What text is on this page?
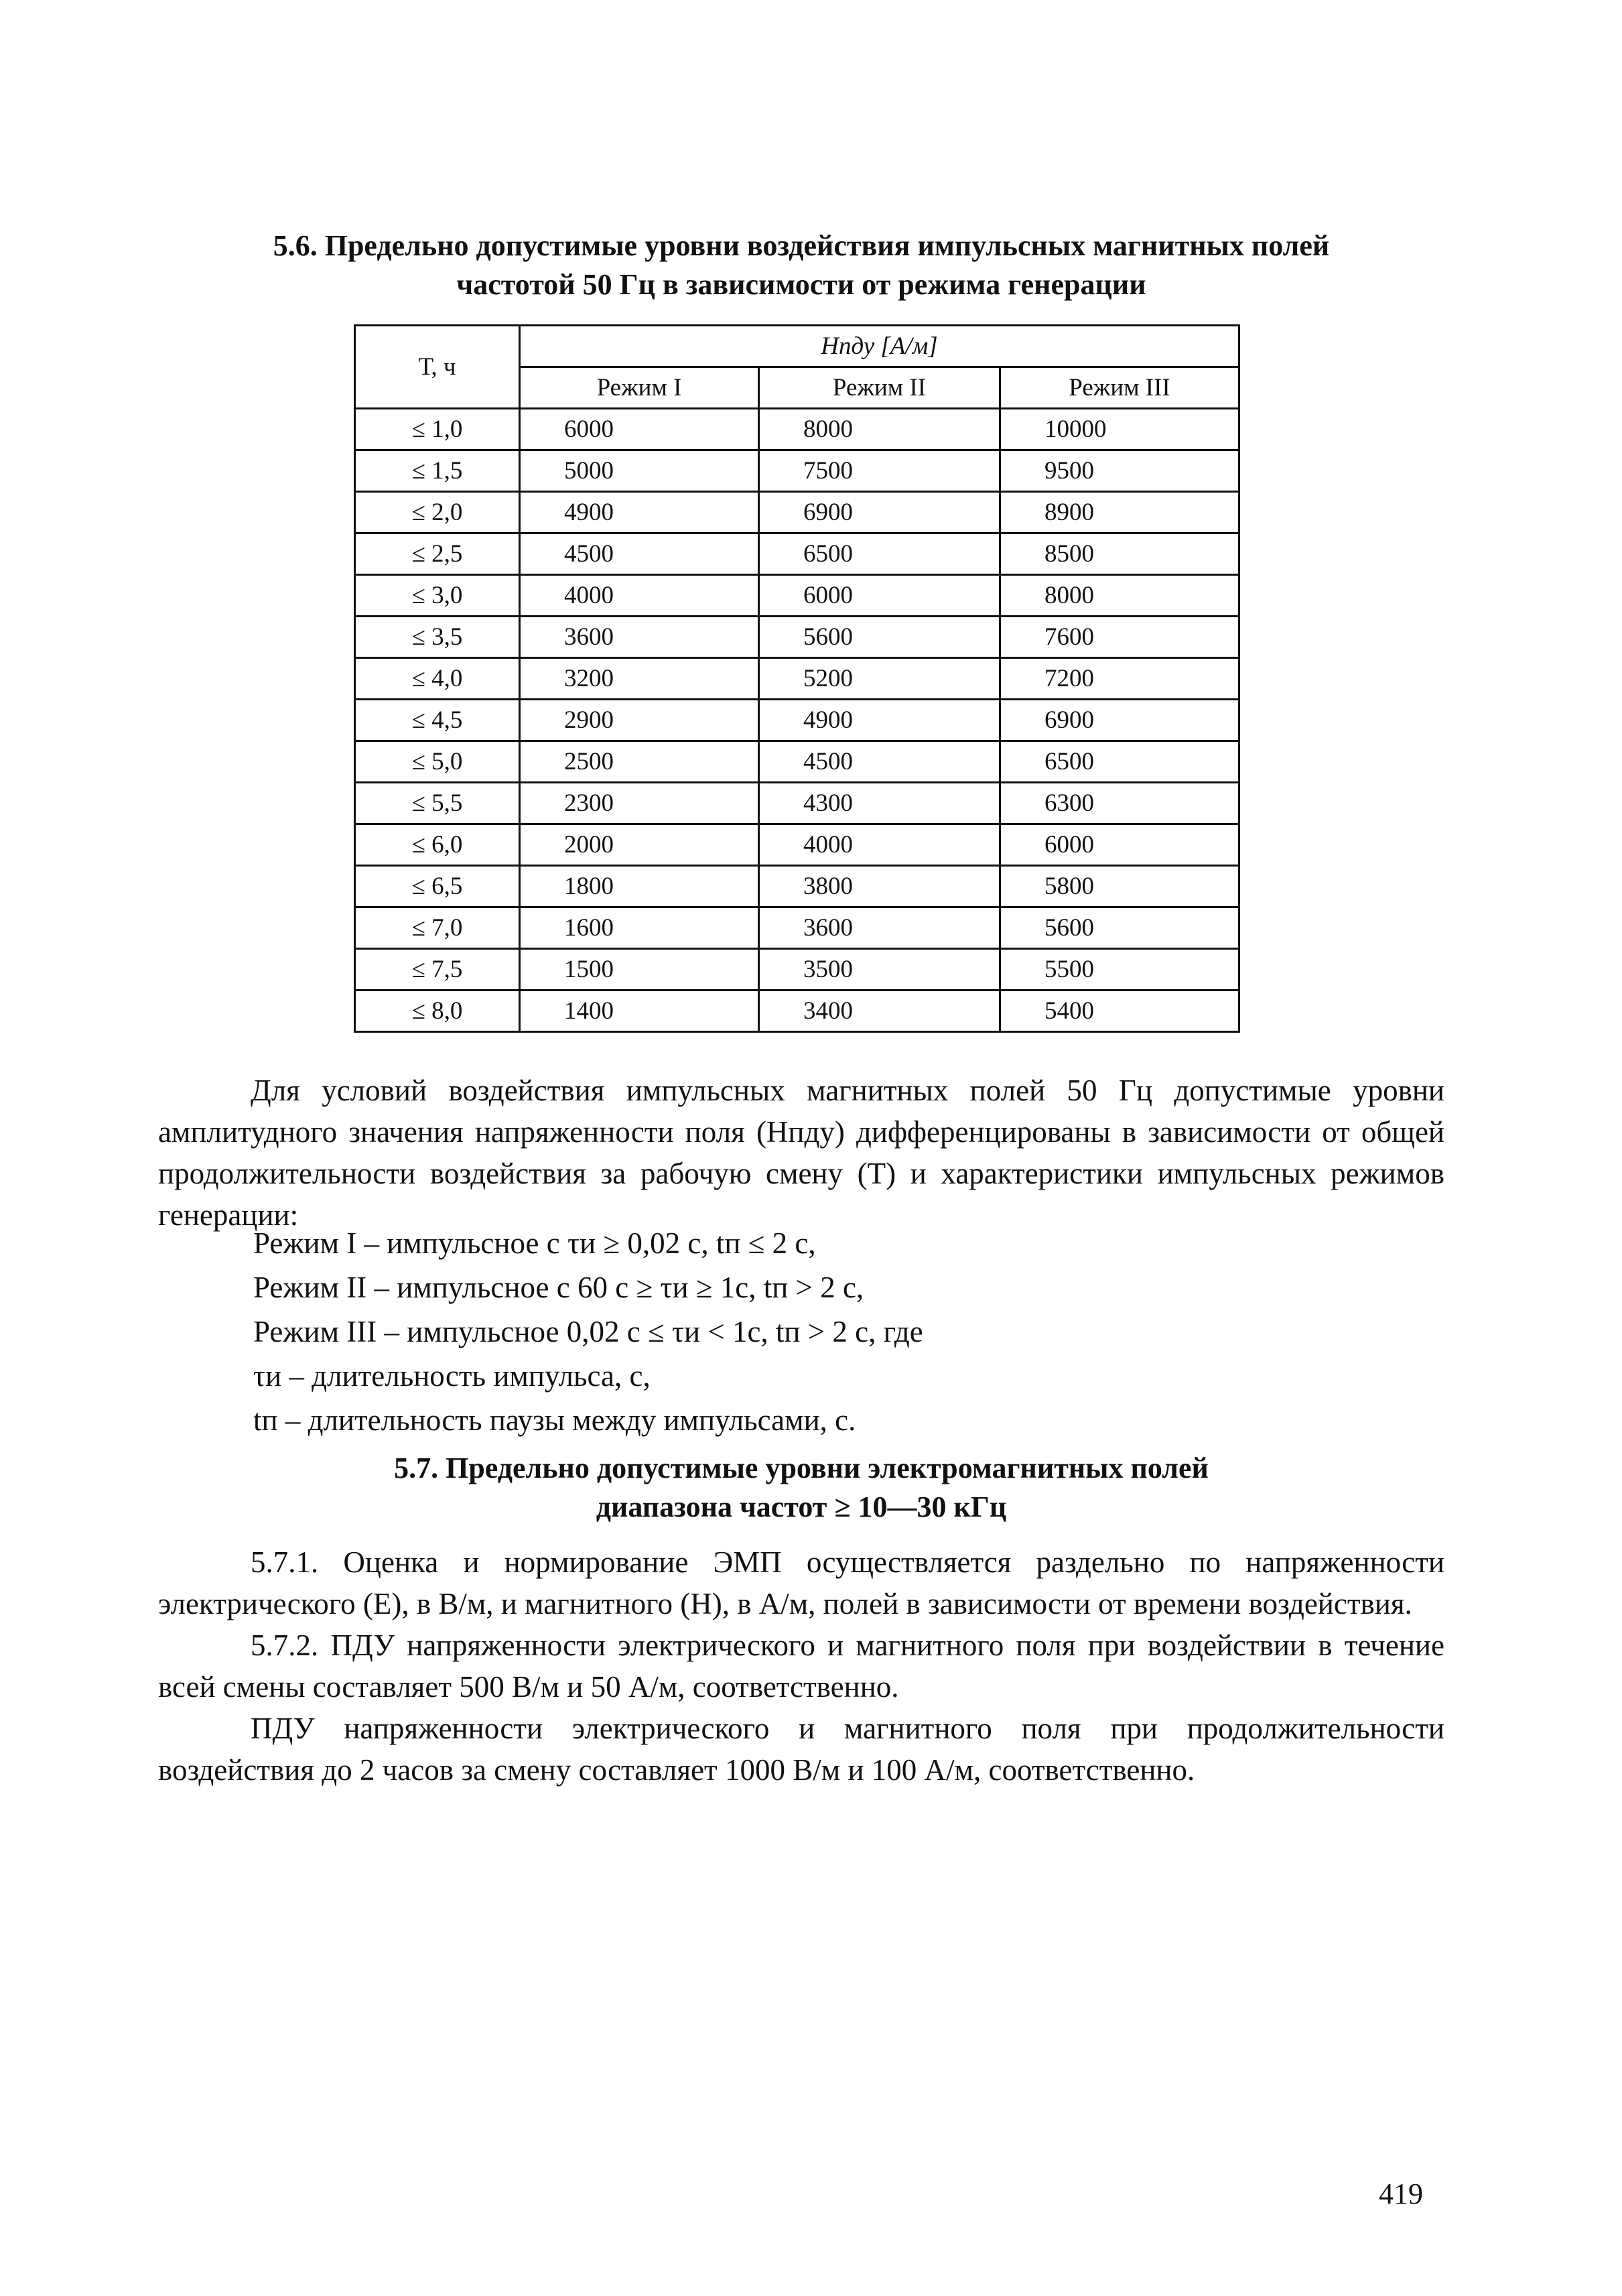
5.6. Предельно допустимые уровни воздействия импульсных магнитных полей
частотой 50 Гц в зависимости от режима генерации
Т, ч	Hпду [А/м]		
	Режим I	Режим II	Режим III
≤ 1,0	6000	8000	10000
≤ 1,5	5000	7500	9500
≤ 2,0	4900	6900	8900
≤ 2,5	4500	6500	8500
≤ 3,0	4000	6000	8000
≤ 3,5	3600	5600	7600
≤ 4,0	3200	5200	7200
≤ 4,5	2900	4900	6900
≤ 5,0	2500	4500	6500
≤ 5,5	2300	4300	6300
≤ 6,0	2000	4000	6000
≤ 6,5	1800	3800	5800
≤ 7,0	1600	3600	5600
≤ 7,5	1500	3500	5500
≤ 8,0	1400	3400	5400

Для условий воздействия импульсных магнитных полей 50 Гц допустимые уровни амплитудного значения напряженности поля (Hпду) дифференцированы в зависимости от общей продолжительности воздействия за рабочую смену (Т) и характеристики импульсных режимов генерации:

Режим I – импульсное с τи ≥ 0,02 с, tп ≤ 2 с,

Режим II – импульсное с 60 с ≥ τи ≥ 1с, tп > 2 с,

Режим III – импульсное 0,02 с ≤ τи < 1с, tп > 2 с, где

τи – длительность импульса, с,

tп – длительность паузы между импульсами, с.

5.7. Предельно допустимые уровни электромагнитных полей
диапазона частот ≥ 10—30 кГц

5.7.1. Оценка и нормирование ЭМП осуществляется раздельно по напряженности электрического (Е), в В/м, и магнитного (Н), в А/м, полей в зависимости от времени воздействия.

5.7.2. ПДУ напряженности электрического и магнитного поля при воздействии в течение всей смены составляет 500 В/м и 50 А/м, соответственно.

ПДУ напряженности электрического и магнитного поля при продолжительности воздействия до 2 часов за смену составляет 1000 В/м и 100 А/м, соответственно.

419
